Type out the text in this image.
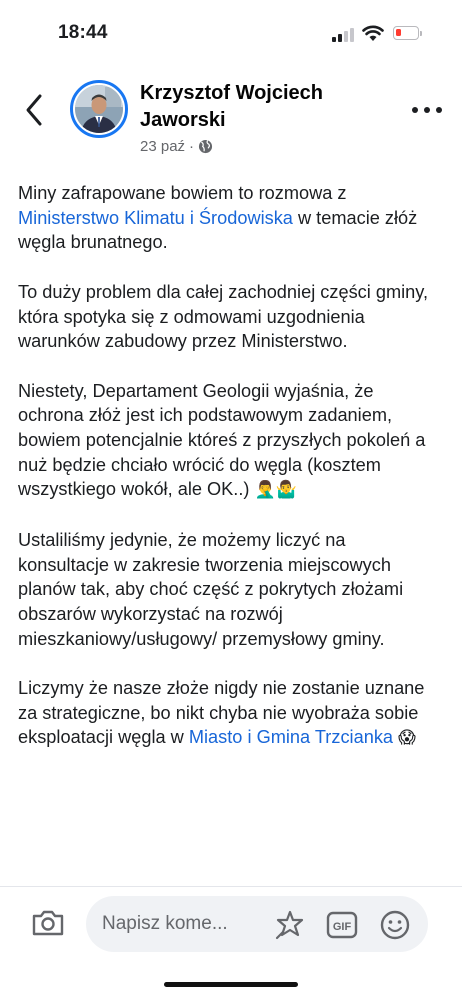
18:44
Krzysztof Wojciech Jaworski
23 paź ·

Miny zafrapowane bowiem to rozmowa z Ministerstwo Klimatu i Środowiska w temacie złóż węgla brunatnego.

To duży problem dla całej zachodniej części gminy, która spotyka się z odmowami uzgodnienia warunków zabudowy przez Ministerstwo.

Niestety, Departament Geologii wyjaśnia, że ochrona złóż jest ich podstawowym zadaniem, bowiem potencjalnie któreś z przyszłych pokoleń a nuż będzie chciało wrócić do węgla (kosztem wszystkiego wokół, ale OK..) 🤦‍♂️🤷‍♂️

Ustaliliśmy jedynie, że możemy liczyć na konsultacje w zakresie tworzenia miejscowych planów tak, aby choć część z pokrytych złożami obszarów wykorzystać na rozwój mieszkaniowy/usługowy/ przemysłowy gminy.

Liczymy że nasze złoże nigdy nie zostanie uznane za strategiczne, bo nikt chyba nie wyobraża sobie eksploatacji węgla w Miasto i Gmina Trzcianka 😱

Napisz kome...
GIF
